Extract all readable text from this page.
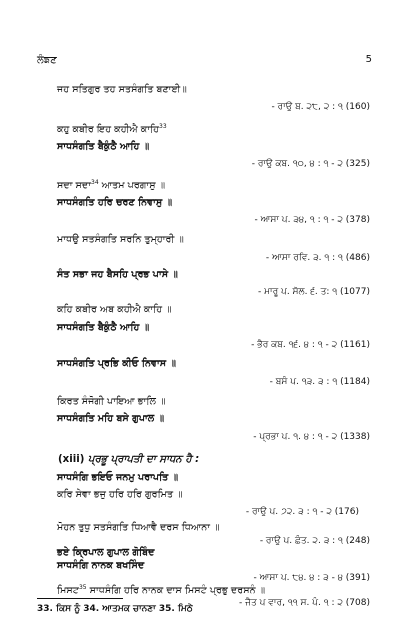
ਲੰਙਣ	5
ਜਹ ਸਤਿਗੁਰ ਤਹ ਸਤਸੰਗਤਿ ਬਣਾਈ॥
- ਰਾਉ ਬ. ੨੮, ੨ : ੧ (160)
ਕਹੁ ਕਬੀਰ ਇਹ ਕਹੀਐ ਕਾਹਿ$^{33}$
ਸਾਧਸੰਗਤਿ ਬੈਕੁੰਠੈ ਆਹਿ ॥
- ਰਾਉ ਕਬ. ੧੦, ੪ : ੧ - ੨ (325)
ਸਦਾ ਸਦਾ$^{34}$ ਆਤਮ ਪਰਗਾਸੁ ॥
ਸਾਧਸੰਗਤਿ ਹਰਿ ਚਰਣ ਨਿਵਾਸੁ ॥
- ਆਸਾ ਪ. ੩੪, ੧ : ੧ - ੨ (378)
ਮਾਧਉ ਸਤਸੰਗਤਿ ਸਰਨਿ ਤੁਮ੍ਹਾਰੀ ॥
- ਆਸਾ ਰਵਿ. ੩. ੧ : ੧ (486)
ਸੰਤ ਸਭਾ ਜਹ ਬੈਸਹਿ ਪ੍ਰਭ ਪਾਸੇ ॥
- ਮਾਰੂ ਪ. ਸੋਲ. ੬. ਤ: ੧ (1077)
ਕਹਿ ਕਬੀਰ ਅਬ ਕਹੀਐ ਕਾਹਿ ॥
ਸਾਧਸੰਗਤਿ ਬੈਕੁੰਠੈ ਆਹਿ ॥
- ਭੈਰ ਕਬ. ੧੬. ੪ : ੧ - ੨ (1161)
ਸਾਧਸੰਗਤਿ ਪ੍ਰਭਿ ਕੀਓ ਨਿਵਾਸ ॥
- ਬਸੰ ਪ. ੧੩. ੩ : ੧ (1184)
ਕਿਰਤ ਸੰਜੋਗੀ ਪਾਇਆ ਭਾਲਿ ॥
ਸਾਧਸੰਗਤਿ ਮਹਿ ਬਸੇ ਗੁਪਾਲ ॥
- ਪ੍ਰਭਾ ਪ. ੧. ੪ : ੧ - ੨ (1338)
(xiii) ਪ੍ਰਭੂ ਪ੍ਰਾਪਤੀ ਦਾ ਸਾਧਨ ਹੈ :
ਸਾਧਸੰਗਿ ਭਇਓ ਜਨਮੁ ਪਰਾਪਤਿ ॥
ਕਰਿ ਸੇਵਾ ਭਜੁ ਹਰਿ ਹਰਿ ਗੁਰਮਿਤ ॥
- ਰਾਉ ਪ. ੭੨. ੩ : ੧ - ੨ (176)
33. ਕਿਸ ਨੂੰ 34. ਆਤਮਕ ਚਾਨਣਾ 35. ਮਿਠੇ
ਮੋਹਨ ਤੁਧੁ ਸਤਸੰਗਤਿ ਧਿਆਵੈ ਦਰਸ ਧਿਆਨਾ ॥
- ਰਾਉ ਪ. ਛੰਤ. ੨. ੩ : ੧ (248)
ਭਏ ਕ੍ਰਿਪਾਲ ਗੁਪਾਲ ਗੋਬਿੰਦ
ਸਾਧਸੰਗਿ ਨਾਨਕ ਬਖਸਿੰਦ
- ਆਸਾ ਪ. ੮੪. ੪ : ੩ - ੪ (391)
ਮਿਸਟ$^{35}$ ਸਾਧਸੰਗਿ ਹਰਿ ਨਾਨਕ ਦਾਸ ਮਿਸਟੰ ਪ੍ਰਭੁ ਦਰਸਨੰ ॥
- ਜੈਤ ਪ ਵਾਰ, ੧੧ ਸ. ਪੰ. ੧ : ੨ (708)
